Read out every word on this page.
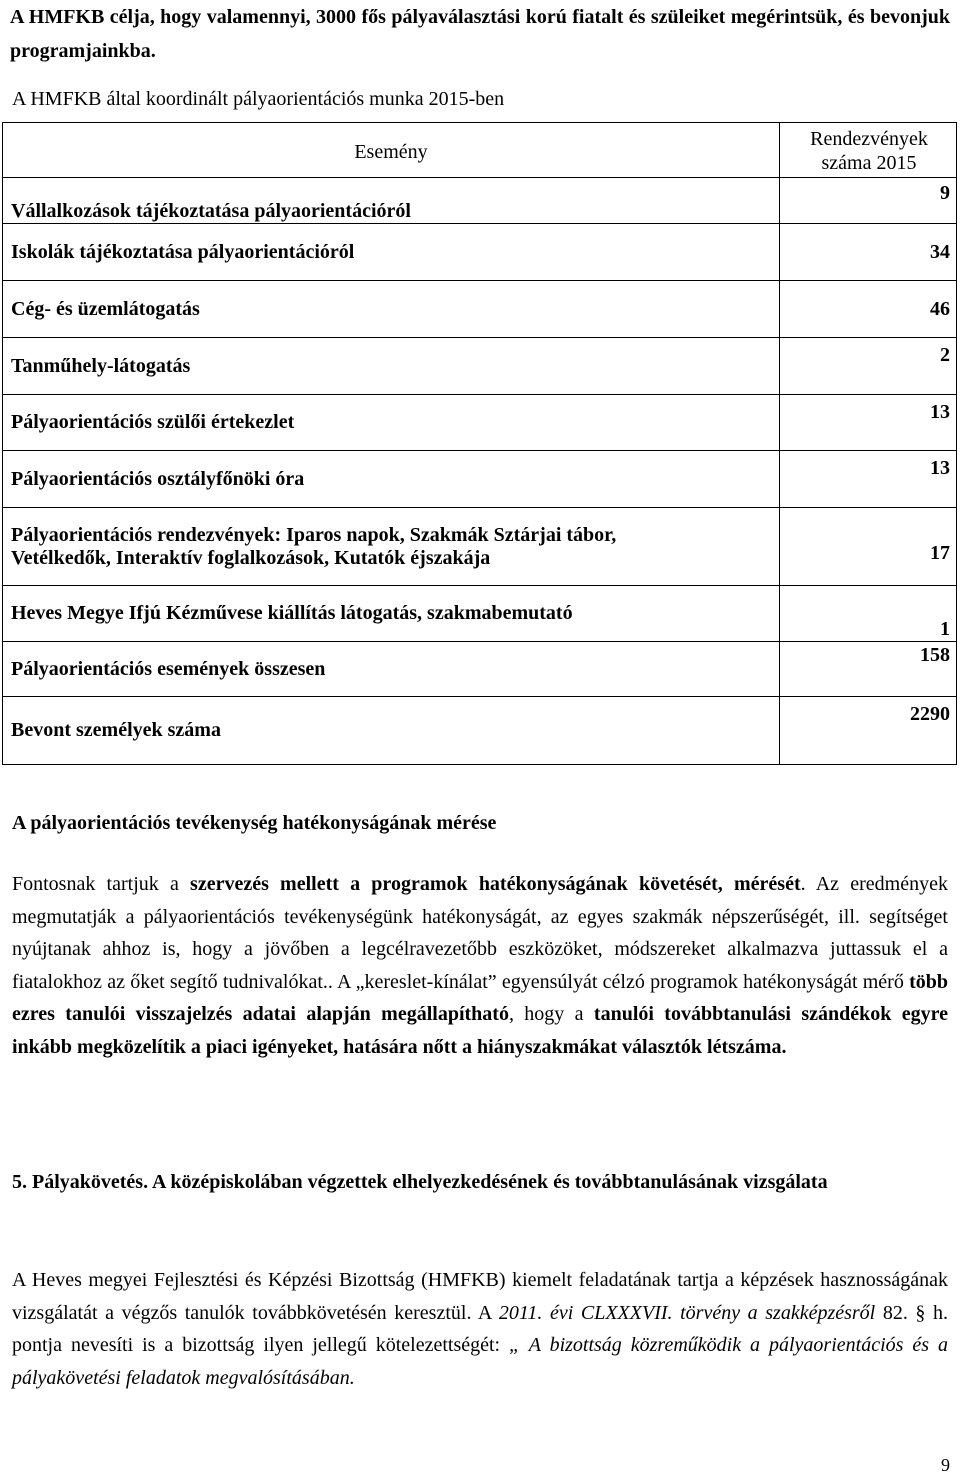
A HMFKB célja, hogy valamennyi, 3000 fős pályaválasztási korú fiatalt és szüleiket megérintsük, és bevonjuk programjainkba.
A HMFKB által koordinált pályaorientációs munka 2015-ben
Esemény	Rendezvények
száma 2015

Vállalkozások tájékoztatása pályaorientációról	9
Iskolák tájékoztatása pályaorientációról	34
Cég- és üzemlátogatás	46
Tanműhely-látogatás	2
Pályaorientációs szülői értekezlet	13
Pályaorientációs osztályfőnöki óra	13

Pályaorientációs rendezvények: Iparos napok, Szakmák Sztárjai tábor,
Vetélkedők, Interaktív foglalkozások, Kutatók éjszakája	17
Heves Megye Ifjú Kézművese kiállítás látogatás, szakmabemutató	1
Pályaorientációs események összesen	158
Bevont személyek száma	2290
A pályaorientációs tevékenység hatékonyságának mérése
Fontosnak tartjuk a szervezés mellett a programok hatékonyságának követését, mérését. Az eredmények megmutatják a pályaorientációs tevékenységünk hatékonyságát, az egyes szakmák népszerűségét, ill. segítséget nyújtanak ahhoz is, hogy a jövőben a legcélravezetőbb eszközöket, módszereket alkalmazva juttassuk el a fiatalokhoz az őket segítő tudnivalókat.. A „kereslet-kínálat” egyensúlyát célzó programok hatékonyságát mérő több ezres tanulói visszajelzés adatai alapján megállapítható, hogy a tanulói továbbtanulási szándékok egyre inkább megközelítik a piaci igényeket, hatására nőtt a hiányszakmákat választók létszáma.
5. Pályakövetés. A középiskolában végzettek elhelyezkedésének és továbbtanulásának vizsgálata
A Heves megyei Fejlesztési és Képzési Bizottság (HMFKB) kiemelt feladatának tartja a képzések hasznosságának vizsgálatát a végzős tanulók továbbkövetésén keresztül. A 2011. évi CLXXXVII. törvény a szakképzésről 82. § h. pontja nevesíti is a bizottság ilyen jellegű kötelezettségét: „ A bizottság közreműködik a pályaorientációs és a pályakövetési feladatok megvalósításában.
9
